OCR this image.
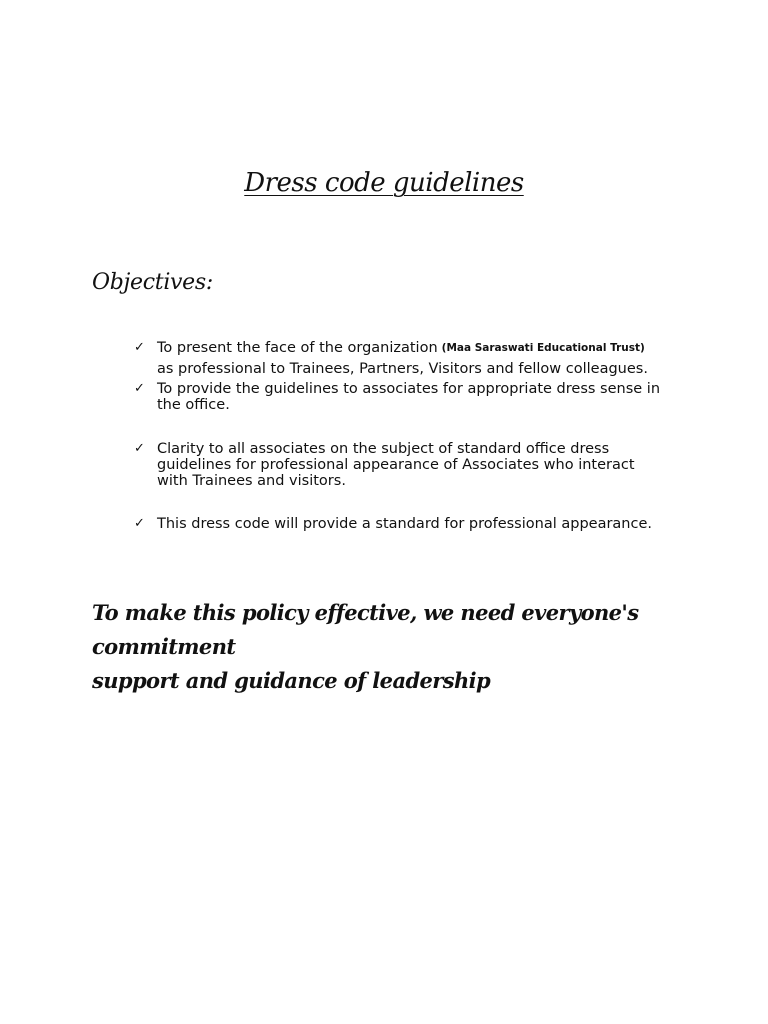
Dress code guidelines
Objectives:
✓ To present the face of the organization (Maa Saraswati Educational Trust)
as professional to Trainees, Partners, Visitors and fellow colleagues.
✓ To provide the guidelines to associates for appropriate dress sense in the office.
✓ Clarity to all associates on the subject of standard office dress guidelines for professional appearance of Associates who interact with Trainees and visitors.
✓ This dress code will provide a standard for professional appearance.
To make this policy effective, we need everyone's commitment
support and guidance of leadership
